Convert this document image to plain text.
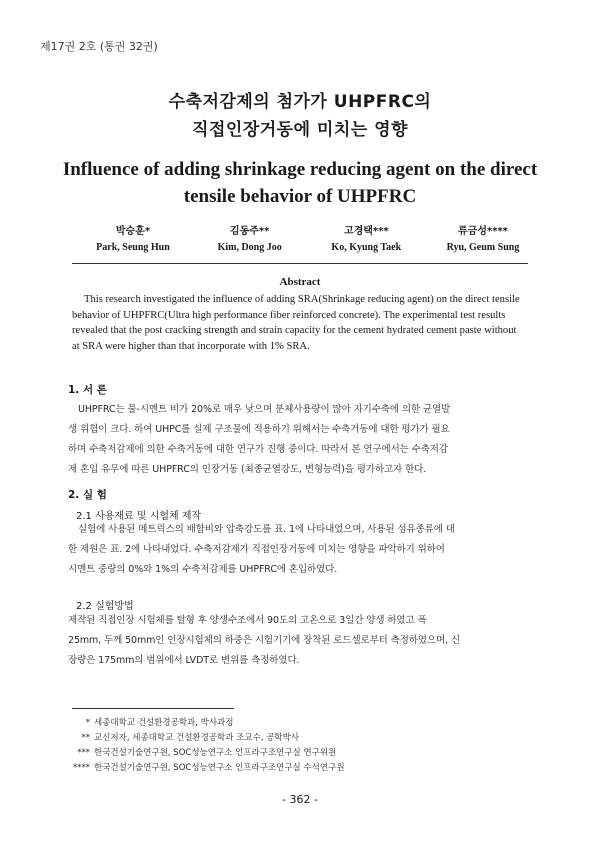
제17권 2호 (통권 32권)
수축저감제의 첨가가 UHPFRC의
직접인장거동에 미치는 영향
Influence of adding shrinkage reducing agent on the direct
tensile behavior of UHPFRC
박승훈*
Park, Seung Hun
김동주**
Kim, Dong Joo
고경택***
Ko, Kyung Taek
류금성****
Ryu, Geum Sung
Abstract
This research investigated the influence of adding SRA(Shrinkage reducing agent) on the direct tensile
behavior of UHPFRC(Ultra high performance fiber reinforced concrete). The experimental test results
revealed that the post cracking strength and strain capacity for the cement hydrated cement paste without
at SRA were higher than that incorporate with 1% SRA.
1. 서 론
UHPFRC는 물-시멘트 비가 20%로 매우 낮으며 분체사용량이 많아 자기수축에 의한 균열발
생 위험이 크다. 하여 UHPC를 실제 구조물에 적용하기 위해서는 수축거동에 대한 평가가 필요
하며 수축저감제에 의한 수축거동에 대한 연구가 진행 중이다. 따라서 본 연구에서는 수축저감
제 혼입 유무에 따른 UHPFRC의 인장거동 (최종균열강도, 변형능력)을 평가하고자 한다.
2. 실 험
2.1 사용재료 및 시험체 제작
실험에 사용된 메트릭스의 배합비와 압축강도를 표. 1에 나타내었으며, 사용된 섬유종류에 대
한 제원은 표. 2에 나타내었다. 수축저감제가 직접인장거동에 미치는 영향을 파악하기 위하여
시멘트 중량의 0%와 1%의 수축저감제를 UHPFRC에 혼입하였다.
2.2 실험방법
제작된 직접인장 시험체를 탈형 후 양생수조에서 90도의 고온으로 3일간 양생 하였고 폭
25mm, 두께 50mm인 인장시험체의 하중은 시험기기에 장착된 로드셀로부터 측정하였으며, 신
장량은 175mm의 범위에서 LVDT로 변위를 측정하였다.
* 세종대학교 건설환경공학과, 박사과정
** 교신저자, 세종대학교 건설환경공학과 조교수, 공학박사
*** 한국건설기술연구원, SOC성능연구소 인프라구조연구실 연구위원
**** 한국건설기술연구원, SOC성능연구소 인프라구조연구실 수석연구원
- 362 -
